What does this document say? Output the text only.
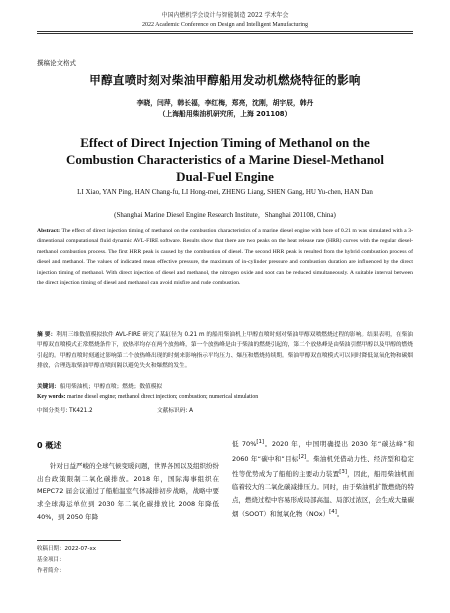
中国内燃机学会设计与智能制造 2022 学术年会
2022 Academic Conference on Design and Intelligent Manufacturing
撰稿论文格式
甲醇直喷时刻对柴油甲醇船用发动机燃烧特征的影响
李晓，闫萍，韩长福，李红梅，郑亮，沈刚，胡宇辰，韩丹
（上海船用柴油机研究所，上海 201108）
Effect of Direct Injection Timing of Methanol on the Combustion Characteristics of a Marine Diesel-Methanol Dual-Fuel Engine
LI Xiao, YAN Ping, HAN Chang-fu, LI Hong-mei, ZHENG Liang, SHEN Gang, HU Yu-chen, HAN Dan
(Shanghai Marine Diesel Engine Research Institute，Shanghai 201108, China)
Abstract: The effect of direct injection timing of methanol on the combustion characteristics of a marine diesel engine with bore of 0.21 m was simulated with a 3-dimentional computational fluid dynamic AVL-FIRE software. Results show that there are two peaks on the heat release rate (HRR) curves with the regular diesel-methanol combustion process. The first HRR peak is caused by the combustion of diesel. The second HRR peak is resulted from the hybrid combustion process of diesel and methanol. The values of indicated mean effective pressure, the maximum of in-cylinder pressure and combustion duration are influenced by the direct injection timing of methanol. With direct injection of diesel and methanol, the nitrogen oxide and soot can be reduced simultaneously. A suitable interval between the direct injection timing of diesel and methanol can avoid misfire and rude combustion.
摘 要：利用三维数值模拟软件 AVL-FIRE 研究了某缸径为 0.21 m 的船用柴油机上甲醇直喷时刻对柴油甲醇双喷燃烧过程的影响。结果表明，在柴油甲醇双直喷模式正常燃烧条件下，放热率均存在两个放热峰，第一个放热峰是由于柴油的燃烧引起的，第二个放热峰是由柴油引燃甲醇以及甲醇的燃烧引起的。甲醇直喷时刻通过影响第二个放热峰出现的时刻来影响指示平均压力、爆压和燃烧持续期。柴油甲醇双直喷模式可以同时降低氮氧化物和碳烟排放，合理选取柴油甲醇直喷间隔以避免失火和爆燃的发生。
关键词：船用柴油机；甲醇直喷；燃烧；数值模拟
Key words: marine diesel engine; methanol direct injection; combustion; numerical simulation
中图分类号: TK421.2	文献标识码: A
0 概述
针对日益严峻的全球气候变暖问题，世界各国以及组织纷纷出台政策限制二氧化碳排放。2018 年，国际海事组织在 MEPC72 届会议通过了船舶温室气体减排初步战略，战略中要求全球海运单位到 2030 年二氧化碳排放比 2008 年降低 40%，到 2050 年降
低 70%[1]。2020 年，中国明确提出 2030 年“碳达峰”和 2060 年“碳中和”目标[2]。柴油机凭借动力性、经济型和稳定性等优势成为了船舶的主要动力装置[3]，因此，船用柴油机面临着较大的二氧化碳减排压力。同时，由于柴油机扩散燃烧的特点，燃烧过程中容易形成局部高温、局部过浓区，会生成大量碳烟（SOOT）和氮氧化物（NOx）[4]。
收稿日期：2022-07-xx
基金项目：
作者简介：
